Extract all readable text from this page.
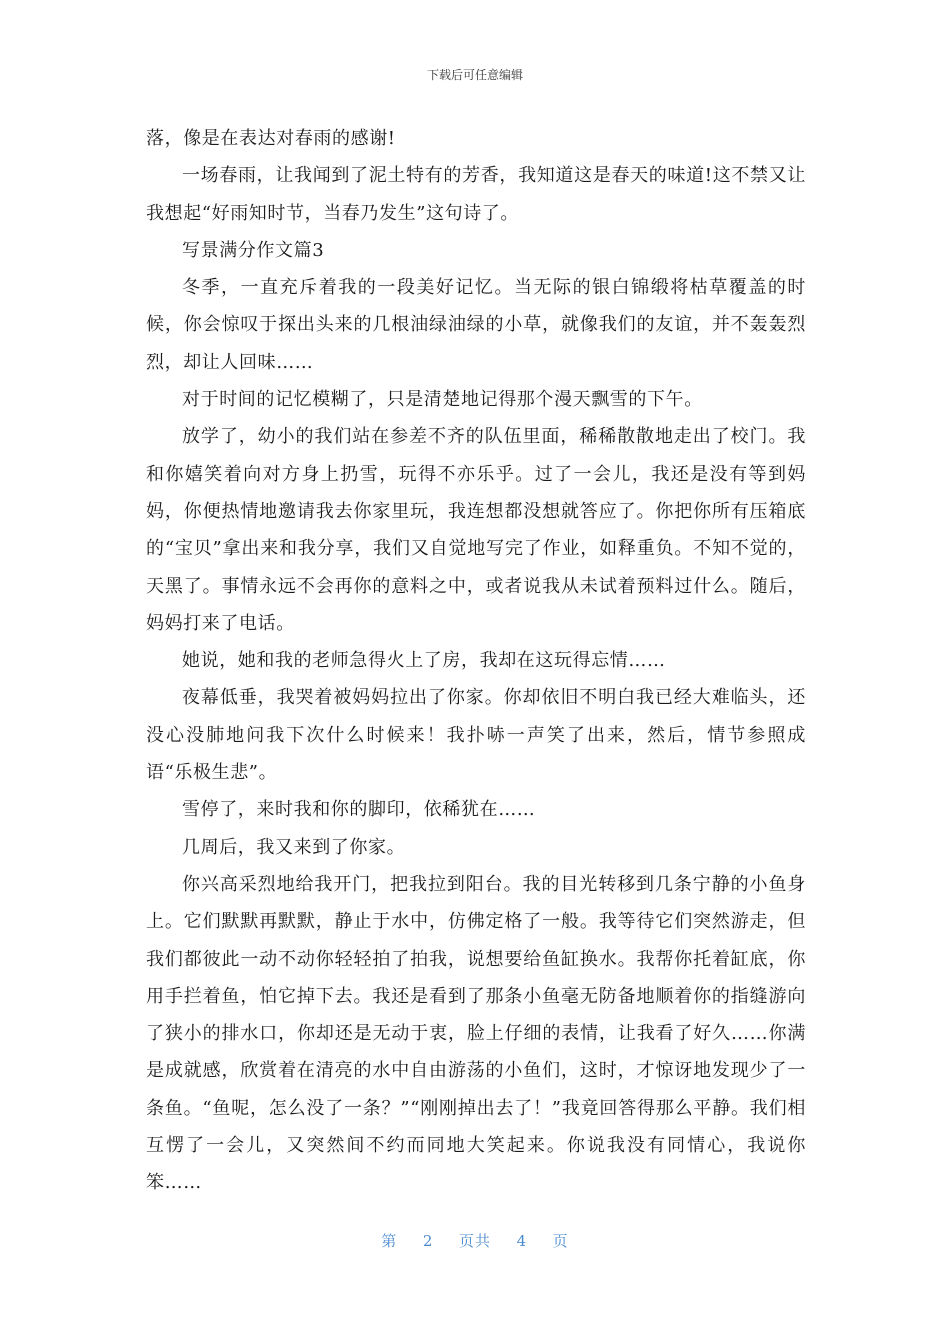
下载后可任意编辑

落，像是在表达对春雨的感谢!

一场春雨，让我闻到了泥土特有的芳香，我知道这是春天的味道!这不禁又让我想起“好雨知时节，当春乃发生”这句诗了。

写景满分作文篇3

冬季，一直充斥着我的一段美好记忆。当无际的银白锦缎将枯草覆盖的时候，你会惊叹于探出头来的几根油绿油绿的小草，就像我们的友谊，并不轰轰烈烈，却让人回味……

对于时间的记忆模糊了，只是清楚地记得那个漫天飘雪的下午。

放学了，幼小的我们站在参差不齐的队伍里面，稀稀散散地走出了校门。我和你嬉笑着向对方身上扔雪，玩得不亦乐乎。过了一会儿，我还是没有等到妈妈，你便热情地邀请我去你家里玩，我连想都没想就答应了。你把你所有压箱底的“宝贝”拿出来和我分享，我们又自觉地写完了作业，如释重负。不知不觉的，天黑了。事情永远不会再你的意料之中，或者说我从未试着预料过什么。随后，妈妈打来了电话。

她说，她和我的老师急得火上了房，我却在这玩得忘情……

夜幕低垂，我哭着被妈妈拉出了你家。你却依旧不明白我已经大难临头，还没心没肺地问我下次什么时候来！我扑哧一声笑了出来，然后，情节参照成语“乐极生悲”。

雪停了，来时我和你的脚印，依稀犹在……

几周后，我又来到了你家。

你兴高采烈地给我开门，把我拉到阳台。我的目光转移到几条宁静的小鱼身上。它们默默再默默，静止于水中，仿佛定格了一般。我等待它们突然游走，但我们都彼此一动不动你轻轻拍了拍我，说想要给鱼缸换水。我帮你托着缸底，你用手拦着鱼，怕它掉下去。我还是看到了那条小鱼毫无防备地顺着你的指缝游向了狭小的排水口，你却还是无动于衷，脸上仔细的表情，让我看了好久……你满是成就感，欣赏着在清亮的水中自由游荡的小鱼们，这时，才惊讶地发现少了一条鱼。“鱼呢，怎么没了一条？”“刚刚掉出去了！”我竟回答得那么平静。我们相互愣了一会儿，又突然间不约而同地大笑起来。你说我没有同情心，我说你笨……

第 2 页共 4 页
